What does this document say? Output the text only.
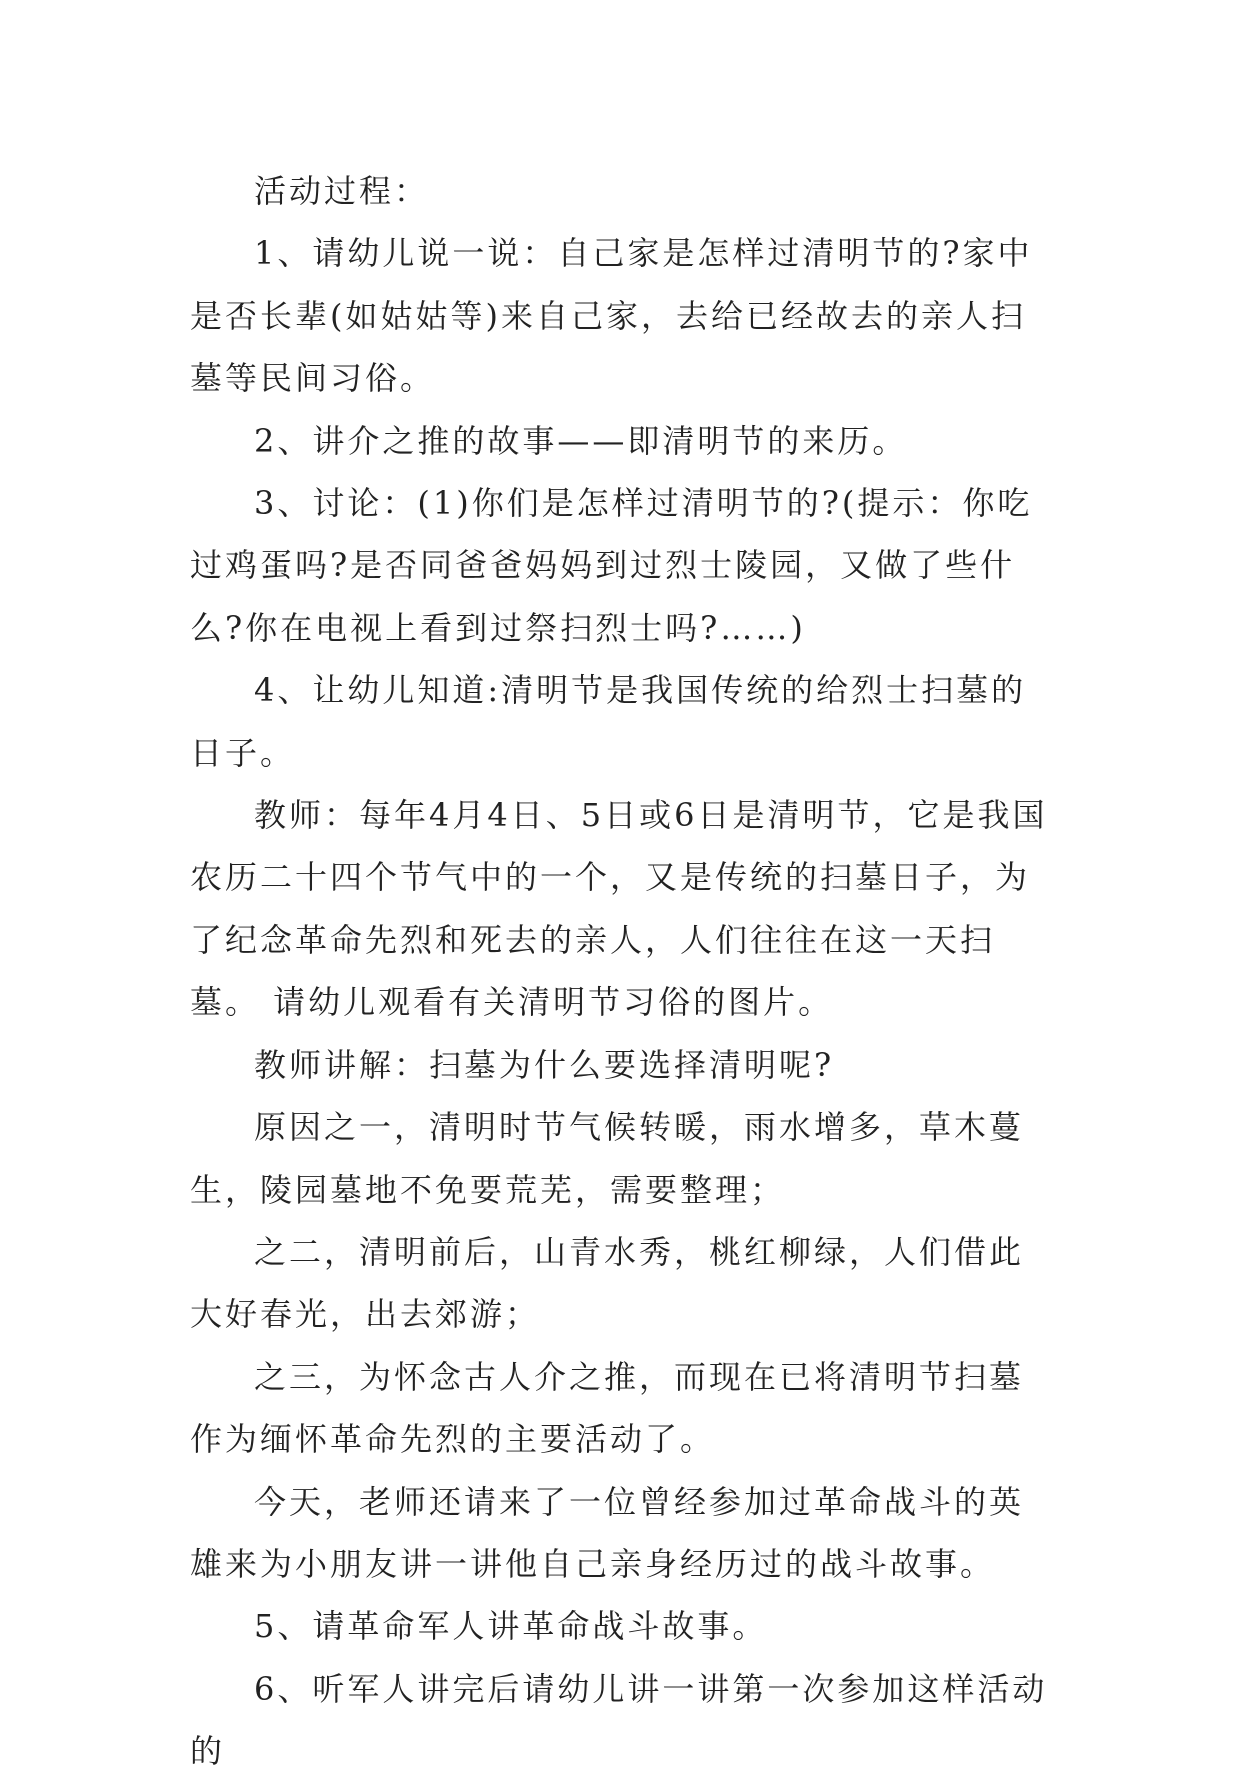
活动过程：

1、请幼儿说一说：自己家是怎样过清明节的?家中是否长辈(如姑姑等)来自己家，去给已经故去的亲人扫墓等民间习俗。

2、讲介之推的故事——即清明节的来历。

3、讨论：(1)你们是怎样过清明节的?(提示：你吃过鸡蛋吗?是否同爸爸妈妈到过烈士陵园，又做了些什么?你在电视上看到过祭扫烈士吗?……)

4、让幼儿知道:清明节是我国传统的给烈士扫墓的日子。

教师：每年4月4日、5日或6日是清明节，它是我国农历二十四个节气中的一个，又是传统的扫墓日子，为了纪念革命先烈和死去的亲人，人们往往在这一天扫墓。 请幼儿观看有关清明节习俗的图片。

教师讲解：扫墓为什么要选择清明呢?

原因之一，清明时节气候转暖，雨水增多，草木蔓生，陵园墓地不免要荒芜，需要整理；

之二，清明前后，山青水秀，桃红柳绿，人们借此大好春光，出去郊游；

之三，为怀念古人介之推，而现在已将清明节扫墓作为缅怀革命先烈的主要活动了。

今天，老师还请来了一位曾经参加过革命战斗的英雄来为小朋友讲一讲他自己亲身经历过的战斗故事。

5、请革命军人讲革命战斗故事。

6、听军人讲完后请幼儿讲一讲第一次参加这样活动的
